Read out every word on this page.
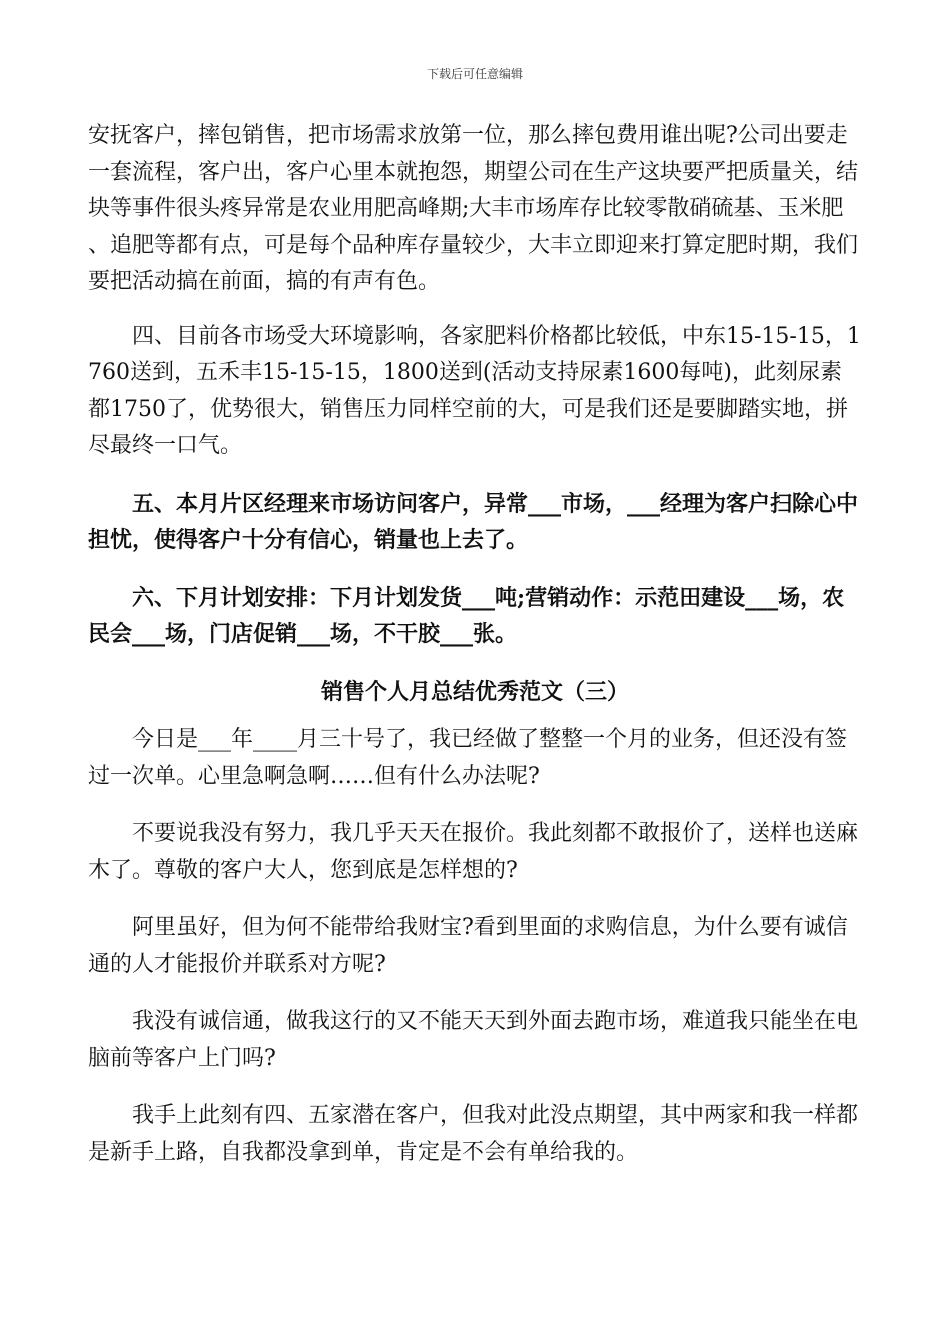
下载后可任意编辑

安抚客户，摔包销售，把市场需求放第一位，那么摔包费用谁出呢?公司出要走一套流程，客户出，客户心里本就抱怨，期望公司在生产这块要严把质量关，结块等事件很头疼异常是农业用肥高峰期;大丰市场库存比较零散硝硫基、玉米肥、追肥等都有点，可是每个品种库存量较少，大丰立即迎来打算定肥时期，我们要把活动搞在前面，搞的有声有色。

四、目前各市场受大环境影响，各家肥料价格都比较低，中东15-15-15，1760送到，五禾丰15-15-15，1800送到(活动支持尿素1600每吨)，此刻尿素都1750了，优势很大，销售压力同样空前的大，可是我们还是要脚踏实地，拼尽最终一口气。

五、本月片区经理来市场访问客户，异常___市场，___经理为客户扫除心中担忧，使得客户十分有信心，销量也上去了。

六、下月计划安排：下月计划发货___吨;营销动作：示范田建设___场，农民会___场，门店促销___场，不干胶___张。

销售个人月总结优秀范文（三）

今日是___年____月三十号了，我已经做了整整一个月的业务，但还没有签过一次单。心里急啊急啊……但有什么办法呢?

不要说我没有努力，我几乎天天在报价。我此刻都不敢报价了，送样也送麻木了。尊敬的客户大人，您到底是怎样想的?

阿里虽好，但为何不能带给我财宝?看到里面的求购信息，为什么要有诚信通的人才能报价并联系对方呢?

我没有诚信通，做我这行的又不能天天到外面去跑市场，难道我只能坐在电脑前等客户上门吗?

我手上此刻有四、五家潜在客户，但我对此没点期望，其中两家和我一样都是新手上路，自我都没拿到单，肯定是不会有单给我的。
